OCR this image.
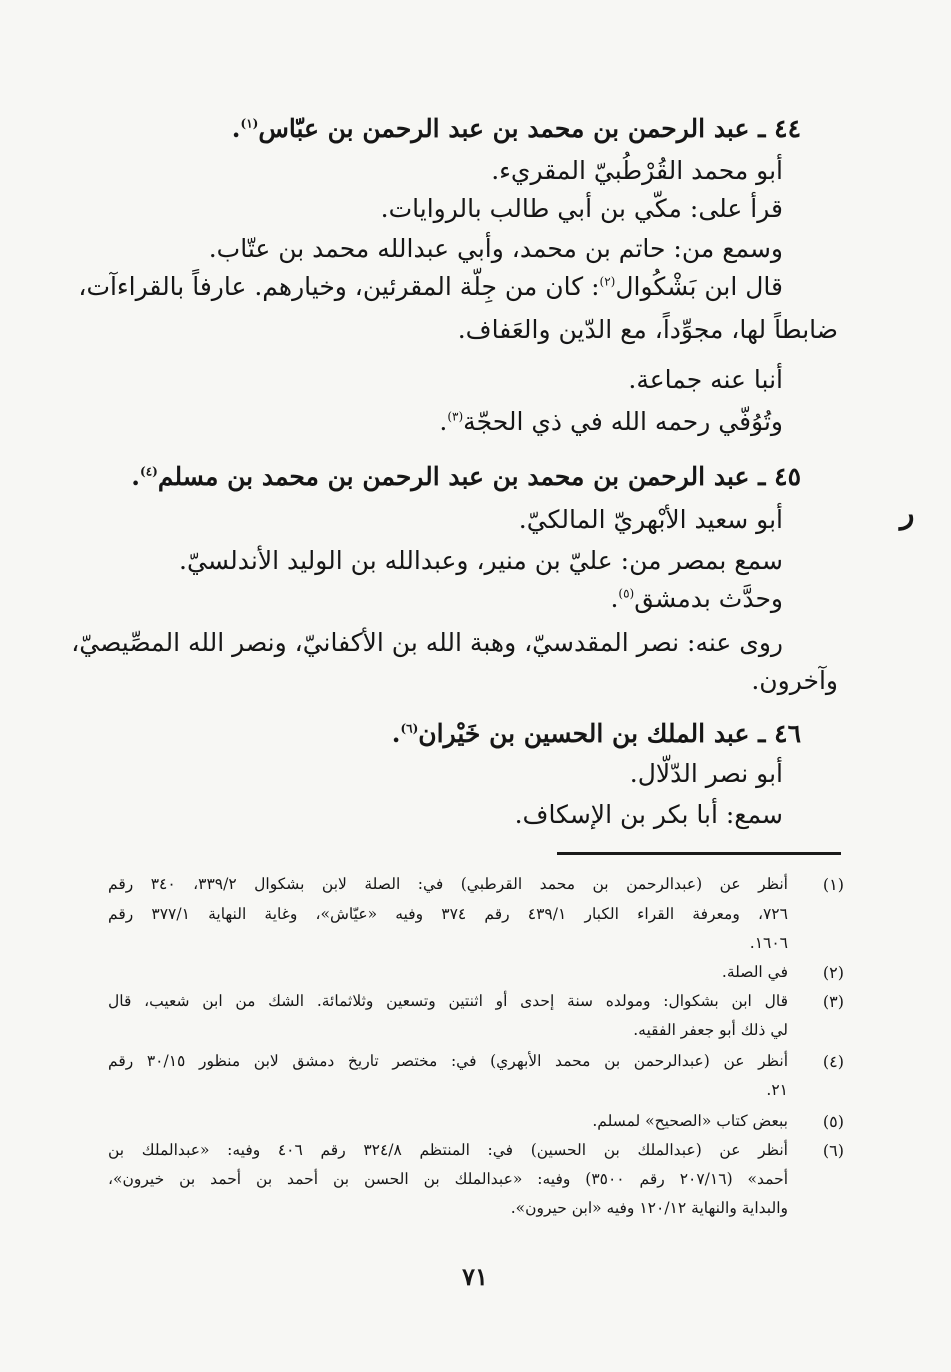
٤٤ ـ عبد الرحمن بن محمد بن عبد الرحمن بن عبّاس$^{(١)}$.
أبو محمد القُرْطُبيّ المقريء.
قرأ على: مكّي بن أبي طالب بالروايات.
وسمع من: حاتم بن محمد، وأبي عبدالله محمد بن عتّاب.
قال ابن بَشْكُوال$^{(٢)}$: كان من جِلّة المقرئين، وخيارهم. عارفاً بالقراءآت،
ضابطاً لها، مجوِّداً، مع الدّين والعَفاف.
أنبا عنه جماعة.
وتُوُفّي رحمه الله في ذي الحجّة$^{(٣)}$.
٤٥ ـ عبد الرحمن بن محمد بن عبد الرحمن بن محمد بن مسلم$^{(٤)}$.
أبو سعيد الأبْهريّ المالكيّ.
سمع بمصر من: عليّ بن منير، وعبدالله بن الوليد الأندلسيّ.
وحدَّث بدمشق$^{(٥)}$.
روى عنه: نصر المقدسيّ، وهبة الله بن الأكفانيّ، ونصر الله المصِّيصيّ،
وآخرون.
٤٦ ـ عبد الملك بن الحسين بن خَيْران$^{(٦)}$.
أبو نصر الدّلّال.
سمع: أبا بكر بن الإسكاف.
ر
(١)
أنظر عن (عبدالرحمن بن محمد القرطبي) في: الصلة لابن بشكوال ٣٣٩/٢، ٣٤٠ رقم
٧٢٦، ومعرفة القراء الكبار ٤٣٩/١ رقم ٣٧٤ وفيه «عيّاش»، وغاية النهاية ٣٧٧/١ رقم
١٦٠٦.
(٢)
في الصلة.
(٣)
قال ابن بشكوال: ومولده سنة إحدى أو اثنتين وتسعين وثلاثمائة. الشك من ابن شعيب، قال
لي ذلك أبو جعفر الفقيه.
(٤)
أنظر عن (عبدالرحمن بن محمد الأبهري) في: مختصر تاريخ دمشق لابن منظور ٣٠/١٥ رقم
٢١.
(٥)
ببعض كتاب «الصحيح» لمسلم.
(٦)
أنظر عن (عبدالملك بن الحسين) في: المنتظم ٣٢٤/٨ رقم ٤٠٦ وفيه: «عبدالملك بن
أحمد» (٢٠٧/١٦ رقم ٣٥٠٠) وفيه: «عبدالملك بن الحسن بن أحمد بن أحمد بن خيرون»،
والبداية والنهاية ١٢٠/١٢ وفيه «ابن حيرون».
٧١
